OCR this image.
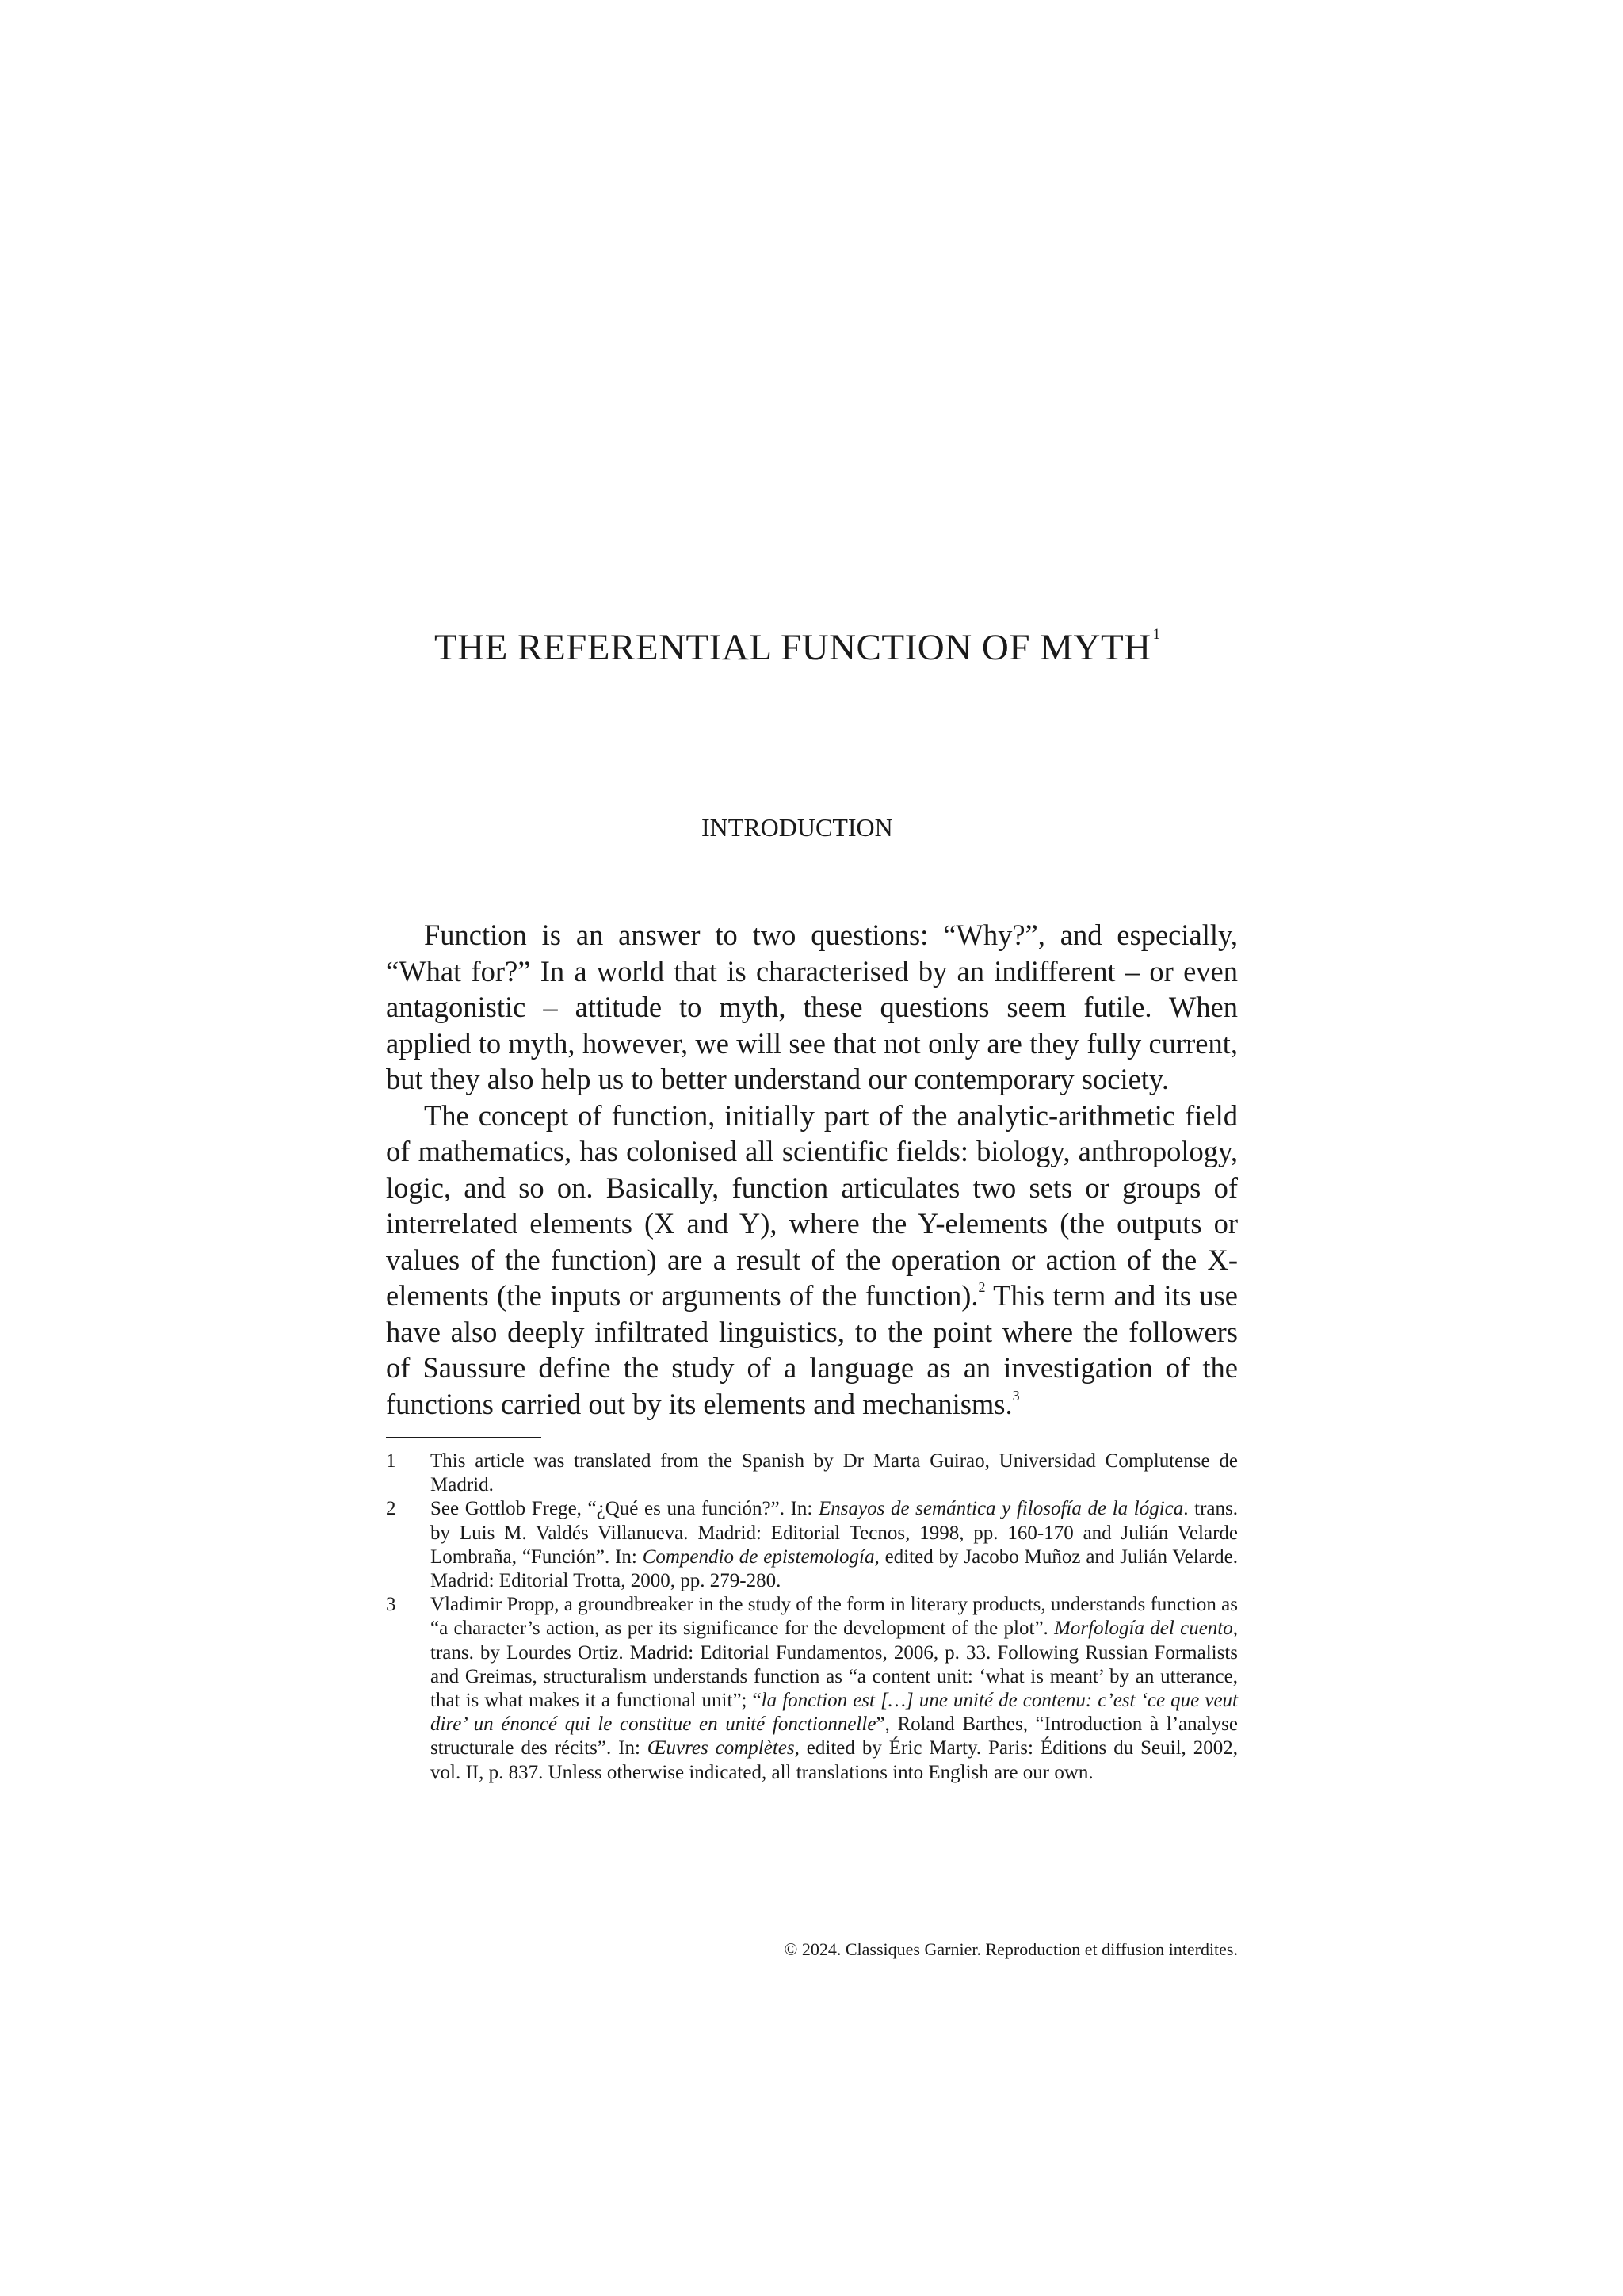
THE REFERENTIAL FUNCTION OF MYTH $^1$
INTRODUCTION

Function is an answer to two questions: “Why?”, and especially, “What for?” In a world that is characterised by an indifferent – or even antagonistic – attitude to myth, these questions seem futile. When applied to myth, however, we will see that not only are they fully current, but they also help us to better understand our contemporary society.

The concept of function, initially part of the analytic-arithmetic field of mathematics, has colonised all scientific fields: biology, anthropology, logic, and so on. Basically, function articulates two sets or groups of interrelated elements (X and Y), where the Y-elements (the outputs or values of the function) are a result of the operation or action of the X-elements (the inputs or arguments of the function).$^2$ This term and its use have also deeply infiltrated linguistics, to the point where the followers of Saussure define the study of a language as an investigation of the functions carried out by its elements and mechanisms.$^3$

1	This article was translated from the Spanish by Dr Marta Guirao, Universidad Complutense de Madrid.
2	See Gottlob Frege, “¿Qué es una función?”. In: Ensayos de semántica y filosofía de la lógica. trans. by Luis M. Valdés Villanueva. Madrid: Editorial Tecnos, 1998, pp. 160-170 and Julián Velarde Lombraña, “Función”. In: Compendio de epistemología, edited by Jacobo Muñoz and Julián Velarde. Madrid: Editorial Trotta, 2000, pp. 279-280.
3	Vladimir Propp, a groundbreaker in the study of the form in literary products, understands function as “a character’s action, as per its significance for the development of the plot”. Morfología del cuento, trans. by Lourdes Ortiz. Madrid: Editorial Fundamentos, 2006, p. 33. Following Russian Formalists and Greimas, structuralism understands function as “a content unit: ‘what is meant’ by an utterance, that is what makes it a functional unit”; “la fonction est […] une unité de contenu: c’est ‘ce que veut dire’ un énoncé qui le constitue en unité fonctionnelle”, Roland Barthes, “Introduction à l’analyse structurale des récits”. In: Œuvres complètes, edited by Éric Marty. Paris: Éditions du Seuil, 2002, vol. II, p. 837. Unless otherwise indicated, all translations into English are our own.
© 2024. Classiques Garnier. Reproduction et diffusion interdites.
